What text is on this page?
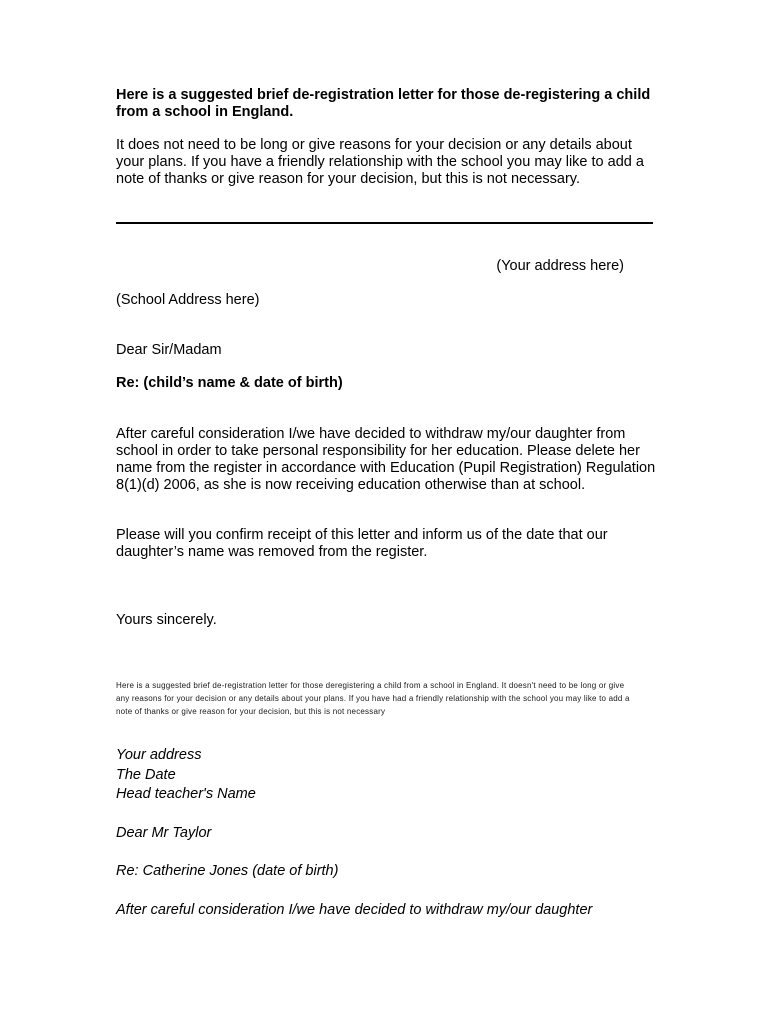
Here is a suggested brief de-registration letter for those de-registering a child from a school in England.

It does not need to be long or give reasons for your decision or any details about your plans. If you have a friendly relationship with the school you may like to add a note of thanks or give reason for your decision, but this is not necessary.

(Your address here)

(School Address here)

Dear Sir/Madam

Re: (child’s name & date of birth)

After careful consideration I/we have decided to withdraw my/our daughter from school in order to take personal responsibility for her education. Please delete her name from the register in accordance with Education (Pupil Registration) Regulation 8(1)(d) 2006, as she is now receiving education otherwise than at school.

Please will you confirm receipt of this letter and inform us of the date that our daughter’s name was removed from the register.

Yours sincerely.

Here is a suggested brief de-registration letter for those deregistering a child from a school in England. It doesn't need to be long or give any reasons for your decision or any details about your plans. If you have had a friendly relationship with the school you may like to add a note of thanks or give reason for your decision, but this is not necessary

Your address
The Date
Head teacher's Name

Dear Mr Taylor

Re: Catherine Jones (date of birth)

After careful consideration I/we have decided to withdraw my/our daughter
